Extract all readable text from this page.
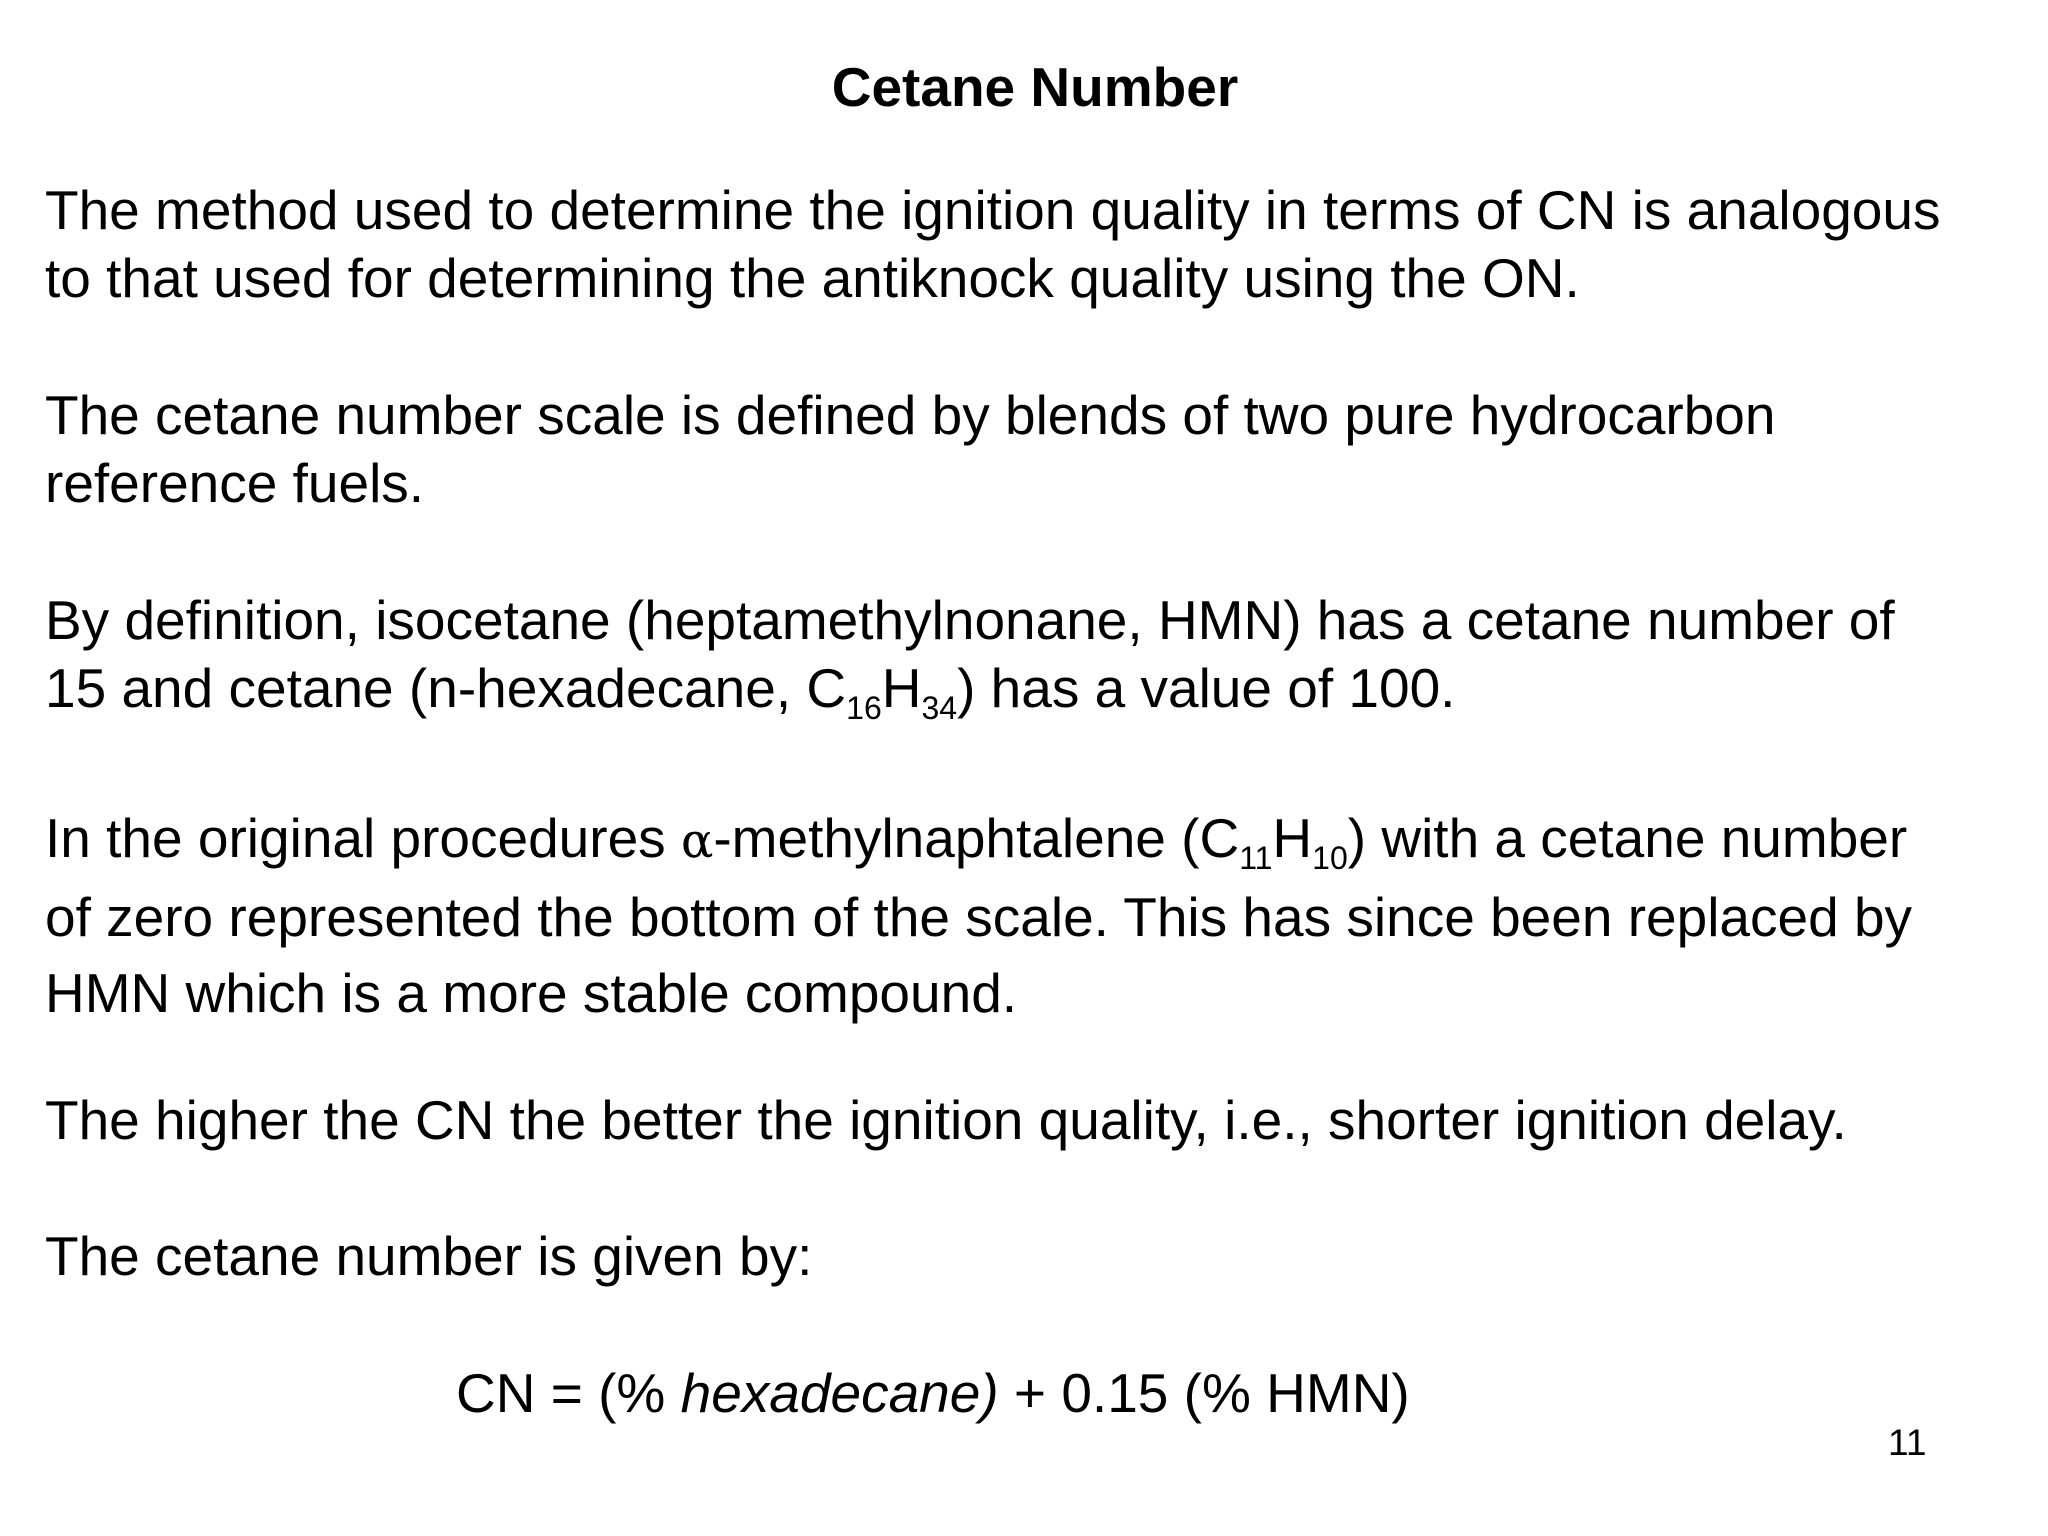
Cetane Number

The method used to determine the ignition quality in terms of CN is analogous
to that used for determining the antiknock quality using the ON.

The cetane number scale is defined by blends of two pure hydrocarbon
reference fuels.

By definition, isocetane (heptamethylnonane, HMN) has a cetane number of
15 and cetane (n-hexadecane, $C_{16}H_{34}$) has a value of 100.

In the original procedures α-methylnaphtalene $(C_{11}H_{10})$ with a cetane number
of zero represented the bottom of the scale. This has since been replaced by
HMN which is a more stable compound.

The higher the CN the better the ignition quality, i.e., shorter ignition delay.

The cetane number is given by:

CN = (% hexadecane) + 0.15 (% HMN)
11
